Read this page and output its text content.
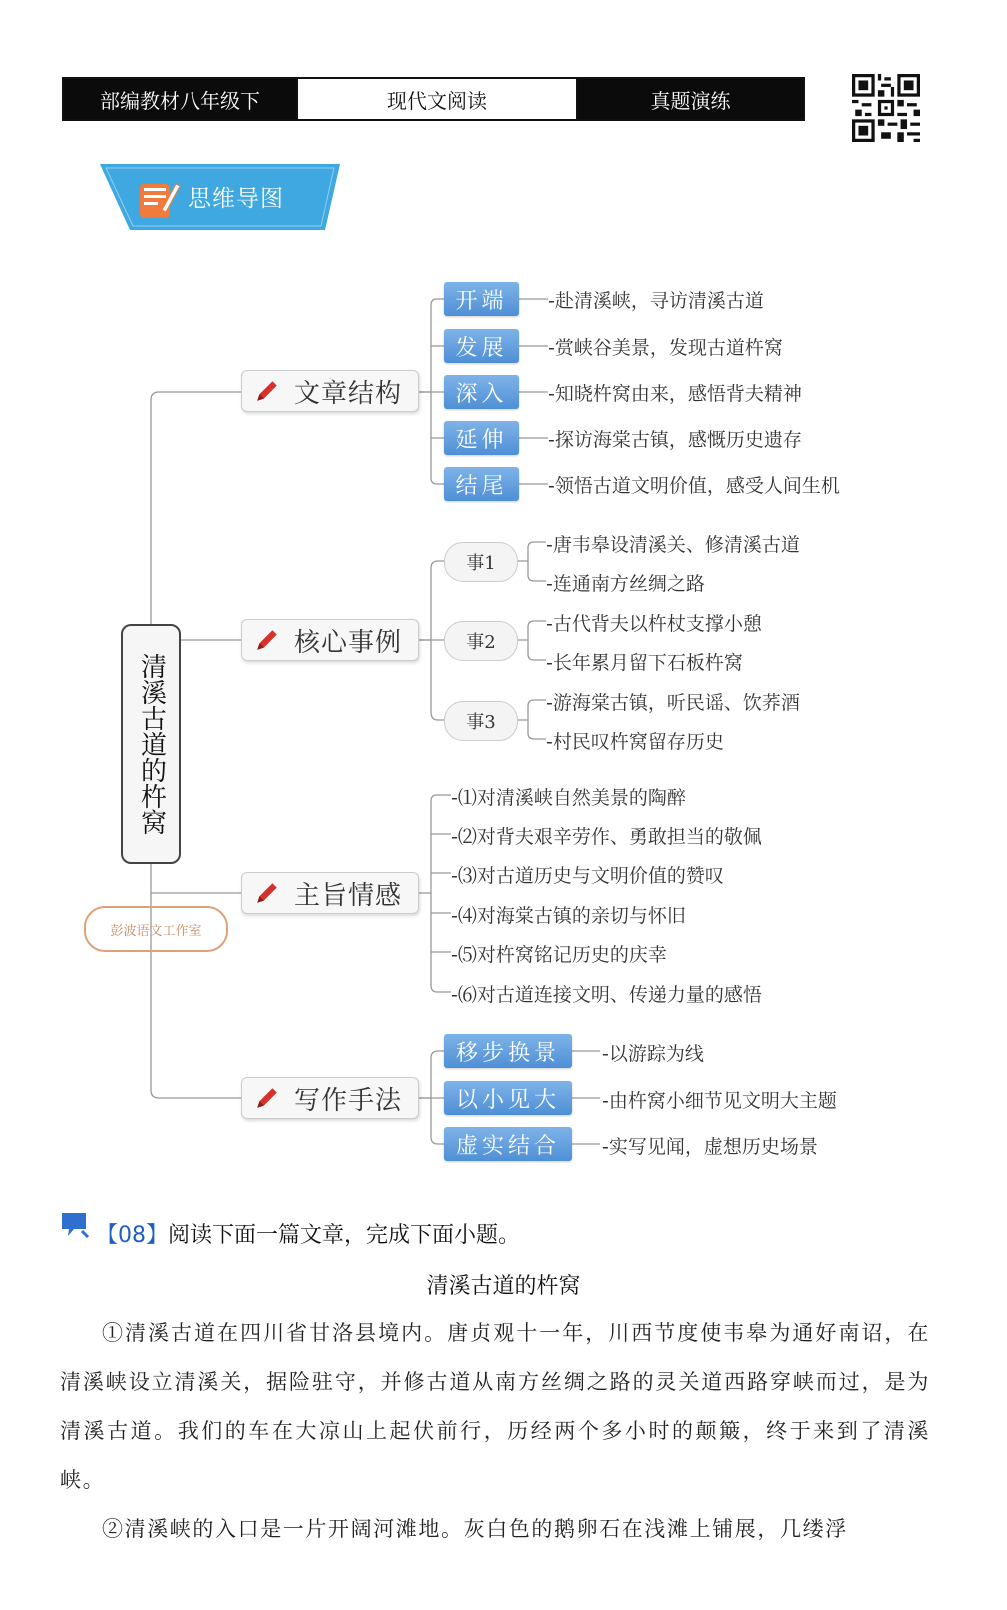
部编教材八年级下	现代文阅读	真题演练
思维导图
清溪古道的杵窝
文章结构
开端
发展
深入
延伸
结尾
-赴清溪峡，寻访清溪古道
-赏峡谷美景，发现古道杵窝
-知晓杵窝由来，感悟背夫精神
-探访海棠古镇，感慨历史遗存
-领悟古道文明价值，感受人间生机
核心事例
事1
事2
事3
-唐韦皋设清溪关、修清溪古道
-连通南方丝绸之路
-古代背夫以杵杖支撑小憩
-长年累月留下石板杵窝
-游海棠古镇，听民谣、饮荞酒
-村民叹杵窝留存历史
主旨情感
-⑴对清溪峡自然美景的陶醉
-⑵对背夫艰辛劳作、勇敢担当的敬佩
-⑶对古道历史与文明价值的赞叹
-⑷对海棠古镇的亲切与怀旧
-⑸对杵窝铭记历史的庆幸
-⑹对古道连接文明、传递力量的感悟
彭波语文工作室
写作手法
移步换景
以小见大
虚实结合
-以游踪为线
-由杵窝小细节见文明大主题
-实写见闻，虚想历史场景
【08】阅读下面一篇文章，完成下面小题。
清溪古道的杵窝
①清溪古道在四川省甘洛县境内。唐贞观十一年，川西节度使韦皋为通好南诏，在清溪峡设立清溪关，据险驻守，并修古道从南方丝绸之路的灵关道西路穿峡而过，是为清溪古道。我们的车在大凉山上起伏前行，历经两个多小时的颠簸，终于来到了清溪峡。
②清溪峡的入口是一片开阔河滩地。灰白色的鹅卵石在浅滩上铺展，几缕浮
